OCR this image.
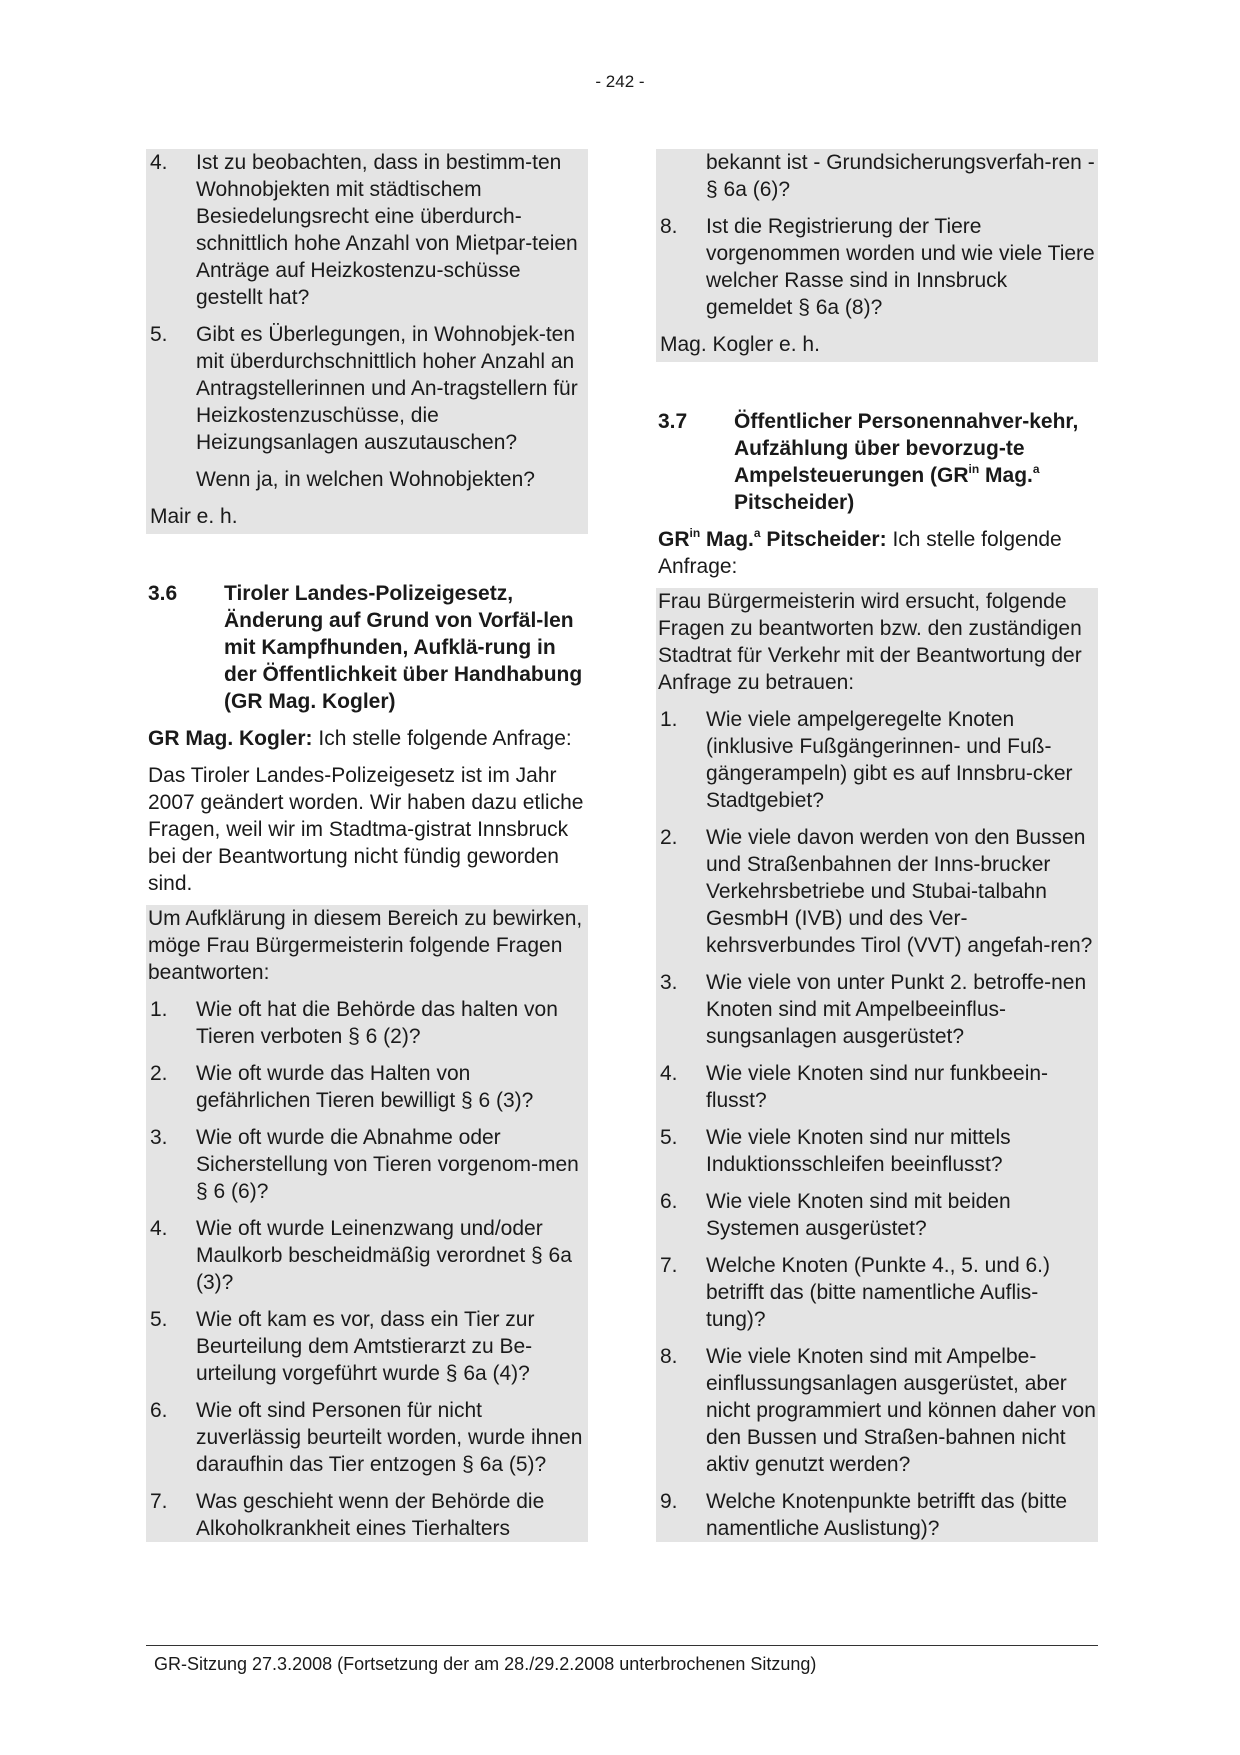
- 242 -
4. Ist zu beobachten, dass in bestimm-ten Wohnobjekten mit städtischem Besiedelungsrecht eine überdurch-schnittlich hohe Anzahl von Mietpar-teien Anträge auf Heizkostenzu-schüsse gestellt hat?
5. Gibt es Überlegungen, in Wohnobjek-ten mit überdurchschnittlich hoher Anzahl an Antragstellerinnen und An-tragstellern für Heizkostenzuschüsse, die Heizungsanlagen auszutauschen?
Wenn ja, in welchen Wohnobjekten?
Mair e. h.
3.6 Tiroler Landes-Polizeigesetz, Änderung auf Grund von Vorfäl-len mit Kampfhunden, Aufklä-rung in der Öffentlichkeit über Handhabung (GR Mag. Kogler)
GR Mag. Kogler: Ich stelle folgende Anfrage:
Das Tiroler Landes-Polizeigesetz ist im Jahr 2007 geändert worden. Wir haben dazu etliche Fragen, weil wir im Stadtma-gistrat Innsbruck bei der Beantwortung nicht fündig geworden sind.
Um Aufklärung in diesem Bereich zu bewirken, möge Frau Bürgermeisterin folgende Fragen beantworten:
1. Wie oft hat die Behörde das halten von Tieren verboten § 6 (2)?
2. Wie oft wurde das Halten von gefährlichen Tieren bewilligt § 6 (3)?
3. Wie oft wurde die Abnahme oder Sicherstellung von Tieren vorgenom-men § 6 (6)?
4. Wie oft wurde Leinenzwang und/oder Maulkorb bescheidmäßig verordnet § 6a (3)?
5. Wie oft kam es vor, dass ein Tier zur Beurteilung dem Amtstierarzt zu Be-urteilung vorgeführt wurde § 6a (4)?
6. Wie oft sind Personen für nicht zuverlässig beurteilt worden, wurde ihnen daraufhin das Tier entzogen § 6a (5)?
7. Was geschieht wenn der Behörde die Alkoholkrankheit eines Tierhalters
bekannt ist - Grundsicherungsverfah-ren - § 6a (6)?
8. Ist die Registrierung der Tiere vorgenommen worden und wie viele Tiere welcher Rasse sind in Innsbruck gemeldet § 6a (8)?
Mag. Kogler e. h.
3.7 Öffentlicher Personennahver-kehr, Aufzählung über bevorzug-te Ampelsteuerungen ($GR^{in}$ Mag.$^a$ Pitscheider)
$GR^{in}$ Mag.$^a$ Pitscheider: Ich stelle folgende Anfrage:
Frau Bürgermeisterin wird ersucht, folgende Fragen zu beantworten bzw. den zuständigen Stadtrat für Verkehr mit der Beantwortung der Anfrage zu betrauen:
1. Wie viele ampelgeregelte Knoten (inklusive Fußgängerinnen- und Fuß-gängerampeln) gibt es auf Innsbru-cker Stadtgebiet?
2. Wie viele davon werden von den Bussen und Straßenbahnen der Inns-brucker Verkehrsbetriebe und Stubai-talbahn GesmbH (IVB) und des Ver-kehrsverbundes Tirol (VVT) angefah-ren?
3. Wie viele von unter Punkt 2. betroffe-nen Knoten sind mit Ampelbeeinflus-sungsanlagen ausgerüstet?
4. Wie viele Knoten sind nur funkbeein-flusst?
5. Wie viele Knoten sind nur mittels Induktionsschleifen beeinflusst?
6. Wie viele Knoten sind mit beiden Systemen ausgerüstet?
7. Welche Knoten (Punkte 4., 5. und 6.) betrifft das (bitte namentliche Auflis-tung)?
8. Wie viele Knoten sind mit Ampelbe-einflussungsanlagen ausgerüstet, aber nicht programmiert und können daher von den Bussen und Straßen-bahnen nicht aktiv genutzt werden?
9. Welche Knotenpunkte betrifft das (bitte namentliche Auslistung)?
GR-Sitzung 27.3.2008 (Fortsetzung der am 28./29.2.2008 unterbrochenen Sitzung)
